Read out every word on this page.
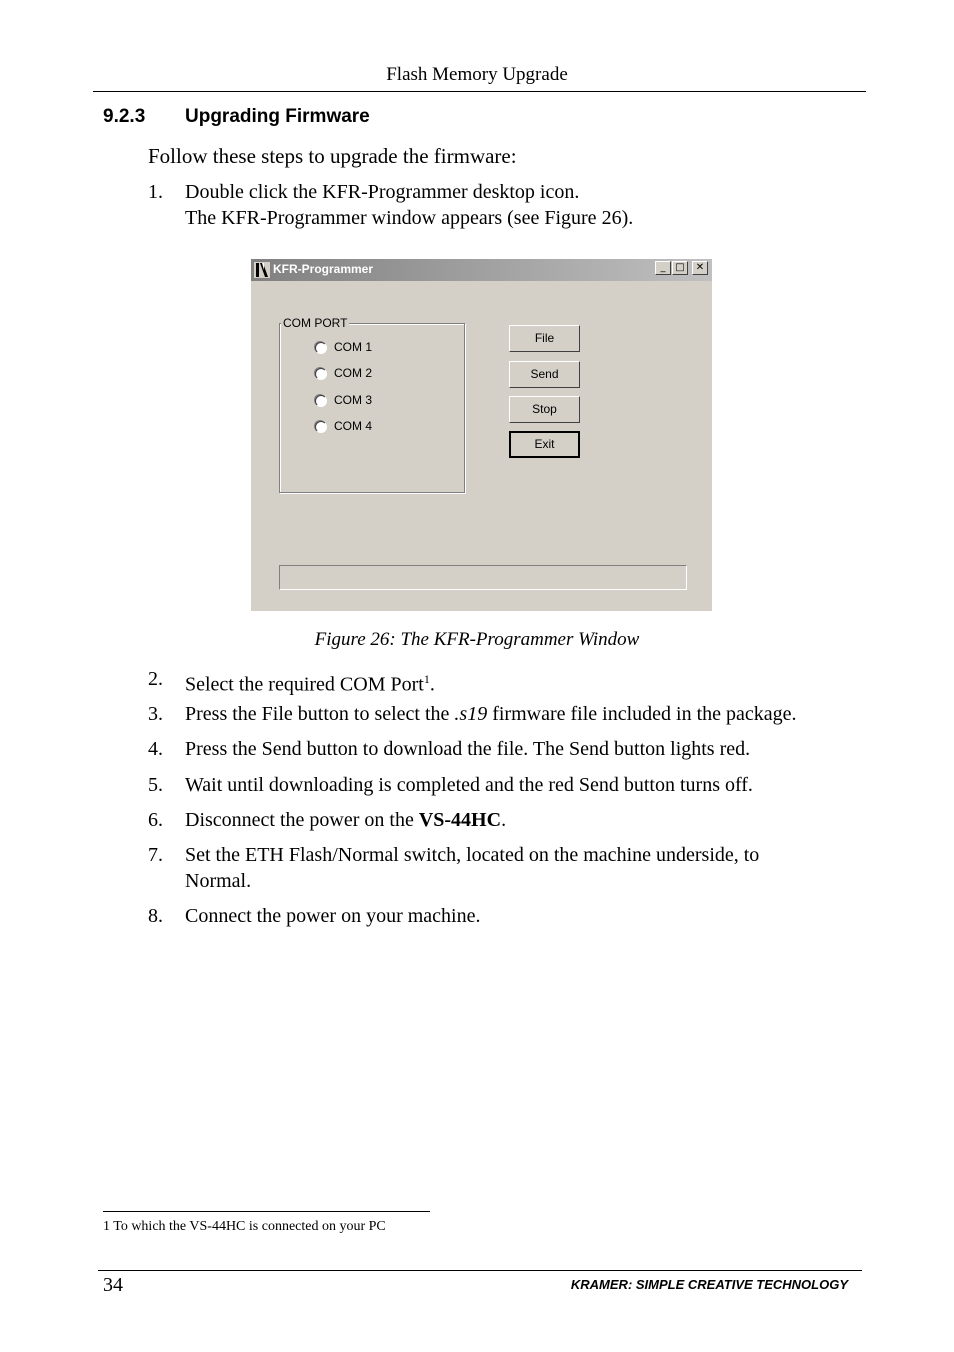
Flash Memory Upgrade
9.2.3 Upgrading Firmware
Follow these steps to upgrade the firmware:
1. Double click the KFR-Programmer desktop icon.
The KFR-Programmer window appears (see Figure 26).
KFR-Programmer	_ □	✕
COM PORT
COM 1
COM 2
COM 3
COM 4
File
Send
Stop
Exit
Figure 26: The KFR-Programmer Window
2. Select the required COM Port$^1$.
3. Press the File button to select the .s19 firmware file included in the package.
4. Press the Send button to download the file. The Send button lights red.
5. Wait until downloading is completed and the red Send button turns off.
6. Disconnect the power on the VS-44HC.
7. Set the ETH Flash/Normal switch, located on the machine underside, to
Normal.
8. Connect the power on your machine.
1 To which the VS-44HC is connected on your PC
34	KRAMER: SIMPLE CREATIVE TECHNOLOGY
